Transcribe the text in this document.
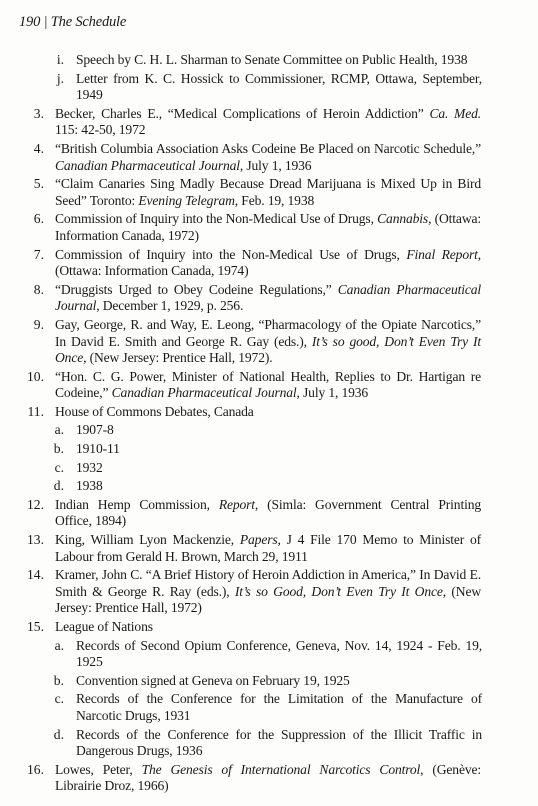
190 | The Schedule
i. Speech by C. H. L. Sharman to Senate Committee on Public Health, 1938
j. Letter from K. C. Hossick to Commissioner, RCMP, Ottawa, September, 1949
3. Becker, Charles E., “Medical Complications of Heroin Addiction” Ca. Med. 115: 42-50, 1972
4. “British Columbia Association Asks Codeine Be Placed on Narcotic Schedule,” Canadian Pharmaceutical Journal, July 1, 1936
5. “Claim Canaries Sing Madly Because Dread Marijuana is Mixed Up in Bird Seed” Toronto: Evening Telegram, Feb. 19, 1938
6. Commission of Inquiry into the Non-Medical Use of Drugs, Cannabis, (Ottawa: Information Canada, 1972)
7. Commission of Inquiry into the Non-Medical Use of Drugs, Final Report, (Ottawa: Information Canada, 1974)
8. “Druggists Urged to Obey Codeine Regulations,” Canadian Pharmaceutical Journal, December 1, 1929, p. 256.
9. Gay, George, R. and Way, E. Leong, “Pharmacology of the Opiate Narcotics,” In David E. Smith and George R. Gay (eds.), It’s so good, Don’t Even Try It Once, (New Jersey: Prentice Hall, 1972).
10. “Hon. C. G. Power, Minister of National Health, Replies to Dr. Hartigan re Codeine,” Canadian Pharmaceutical Journal, July 1, 1936
11. House of Commons Debates, Canada
a. 1907-8
b. 1910-11
c. 1932
d. 1938
12. Indian Hemp Commission, Report, (Simla: Government Central Printing Office, 1894)
13. King, William Lyon Mackenzie, Papers, J 4 File 170 Memo to Minister of Labour from Gerald H. Brown, March 29, 1911
14. Kramer, John C. “A Brief History of Heroin Addiction in America,” In David E. Smith & George R. Ray (eds.), It’s so Good, Don’t Even Try It Once, (New Jersey: Prentice Hall, 1972)
15. League of Nations
a. Records of Second Opium Conference, Geneva, Nov. 14, 1924 - Feb. 19, 1925
b. Convention signed at Geneva on February 19, 1925
c. Records of the Conference for the Limitation of the Manufacture of Narcotic Drugs, 1931
d. Records of the Conference for the Suppression of the Illicit Traffic in Dangerous Drugs, 1936
16. Lowes, Peter, The Genesis of International Narcotics Control, (Genève: Librairie Droz, 1966)
